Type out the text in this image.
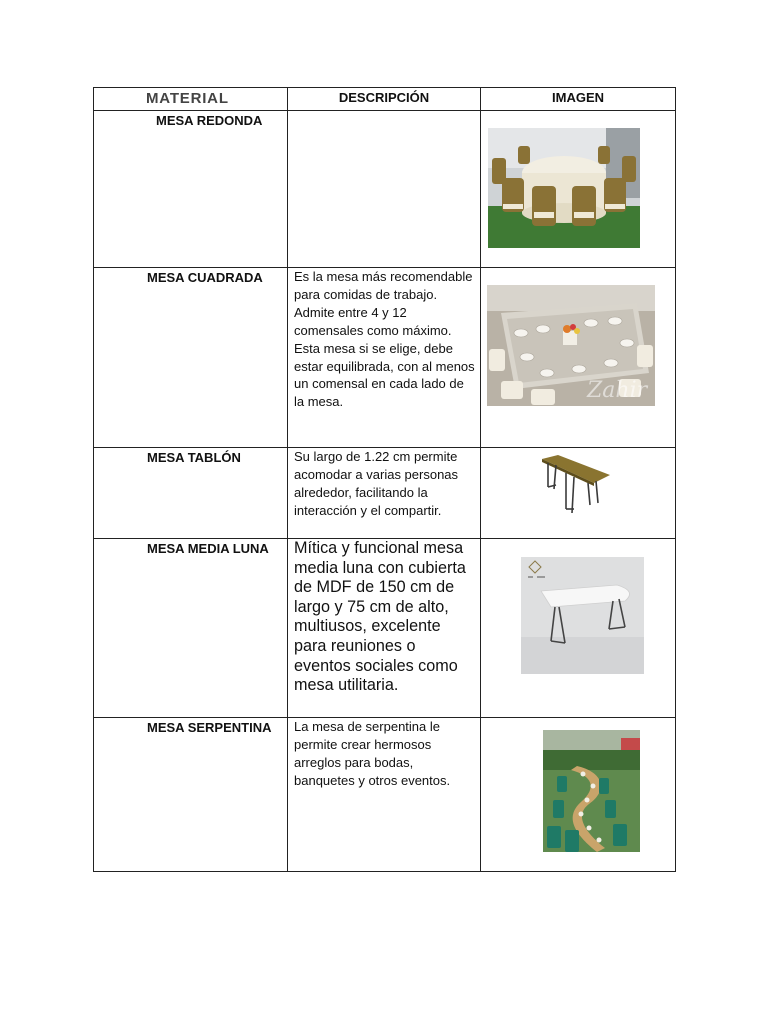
MATERIAL	DESCRIPCIÓN	IMAGEN
MESA REDONDA		

MESA CUADRADA	Es la mesa más recomendable para comidas de trabajo. Admite entre 4 y 12 comensales como máximo. Esta mesa si se elige, debe estar equilibrada, con al menos un comensal en cada lado de la mesa.	Zahir

MESA TABLÓN	Su largo de 1.22 cm permite acomodar a varias personas alrededor, facilitando la interacción y el compartir.	

MESA MEDIA LUNA	Mítica y funcional mesa media luna con cubierta de MDF de 150 cm de largo y 75 cm de alto, multiusos, excelente para reuniones o eventos sociales como mesa utilitaria.	

MESA SERPENTINA	La mesa de serpentina le permite crear hermosos arreglos para bodas, banquetes y otros eventos.	
